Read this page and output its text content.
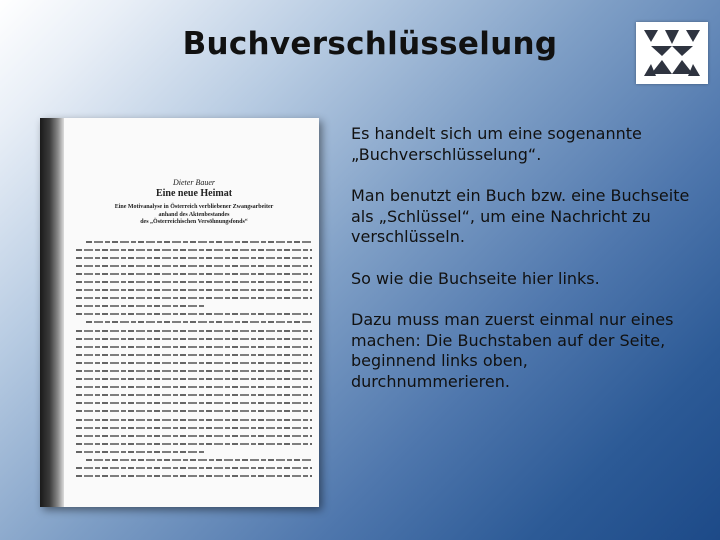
Buchverschlüsselung
Dieter Bauer
Eine neue Heimat
Eine Motivanalyse in Österreich verbliebener Zwangsarbeiter
anhand des Aktenbestandes
des „Österreichischen Versöhnungsfonds“

Es handelt sich um eine sogenannte „Buchverschlüsselung“.

Man benutzt ein Buch bzw. eine Buchseite als „Schlüssel“, um eine Nachricht zu verschlüsseln.

So wie die Buchseite hier links.

Dazu muss man zuerst einmal nur eines machen: Die Buchstaben auf der Seite, beginnend links oben, durchnummerieren.
